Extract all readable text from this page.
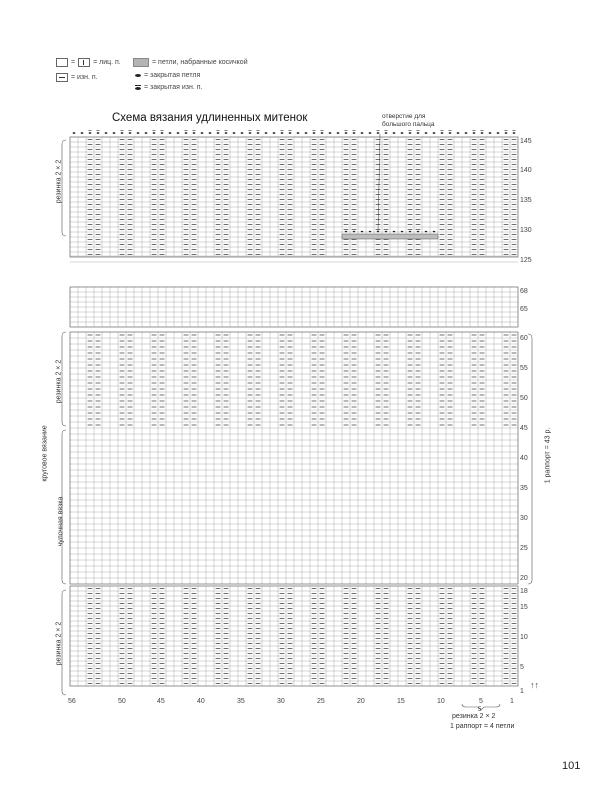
=	= лиц. п.
= изн. п.
= петли, набранные косичкой
= закрытая петля
= закрытая изн. п.
Схема вязания удлиненных митенок	отверстие для
большого пальца
резинка 2 × 2
резинка 2 × 2
круговое вязание
чулочная вязка
резинка 2 × 2
1 раппорт = 43 р.
145
140
135
130
125
68
65
60
55
50
45
40
35
30
25
20
18
15
10
5
1
↑↑
56	50	45	40	35	30	25	20	15	10	5	1
5
резинка 2 × 2
1 раппорт = 4 петли
101
